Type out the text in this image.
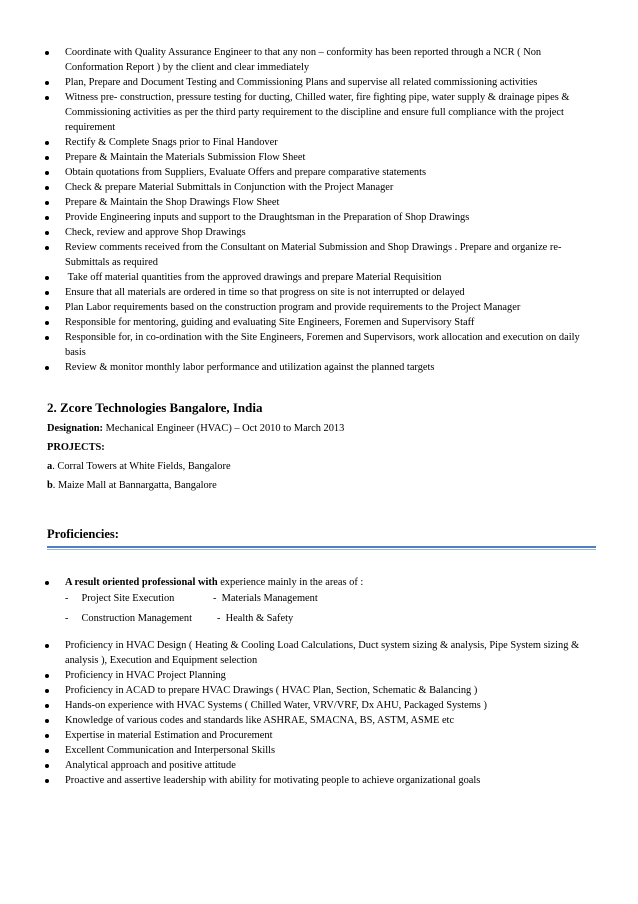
Coordinate with Quality Assurance Engineer to that any non – conformity has been reported through a NCR ( Non Conformation Report ) by the client and clear immediately
Plan, Prepare and Document Testing and Commissioning Plans and supervise all related commissioning activities
Witness pre- construction, pressure testing for ducting, Chilled water, fire fighting pipe, water supply & drainage pipes & Commissioning activities as per the third party requirement to the discipline and ensure full compliance with the project requirement
Rectify & Complete Snags prior to Final Handover
Prepare & Maintain the Materials Submission Flow Sheet
Obtain quotations from Suppliers, Evaluate Offers and prepare comparative statements
Check & prepare Material Submittals in Conjunction with the Project Manager
Prepare & Maintain the Shop Drawings Flow Sheet
Provide Engineering inputs and support to the Draughtsman in the Preparation of Shop Drawings
Check, review and approve Shop Drawings
Review comments received from the Consultant on Material Submission and Shop Drawings . Prepare and organize re-Submittals as required
Take off material quantities from the approved drawings and prepare Material Requisition
Ensure that all materials are ordered in time so that progress on site is not interrupted or delayed
Plan Labor requirements based on the construction program and provide requirements to the Project Manager
Responsible for mentoring, guiding and evaluating Site Engineers, Foremen and Supervisory Staff
Responsible for, in co-ordination with the Site Engineers, Foremen and Supervisors, work allocation and execution on daily basis
Review & monitor monthly labor performance and utilization against the planned targets
2. Zcore Technologies Bangalore, India
Designation: Mechanical Engineer (HVAC) – Oct 2010 to March 2013
PROJECTS:
a. Corral Towers at White Fields, Bangalore
b. Maize Mall at Bannargatta, Bangalore
Proficiencies:
A result oriented professional with experience mainly in the areas of :
-     Project Site Execution	-  Materials Management
-     Construction Management -  Health & Safety
Proficiency in HVAC Design ( Heating & Cooling Load Calculations, Duct system sizing & analysis, Pipe System sizing & analysis ), Execution and Equipment selection
Proficiency in HVAC Project Planning
Proficiency in ACAD to prepare HVAC Drawings ( HVAC Plan, Section, Schematic & Balancing )
Hands-on experience with HVAC Systems ( Chilled Water, VRV/VRF, Dx AHU, Packaged Systems )
Knowledge of various codes and standards like ASHRAE, SMACNA, BS, ASTM, ASME etc
Expertise in material Estimation and Procurement
Excellent Communication and Interpersonal Skills
Analytical approach and positive attitude
Proactive and assertive leadership with ability for motivating people to achieve organizational goals
